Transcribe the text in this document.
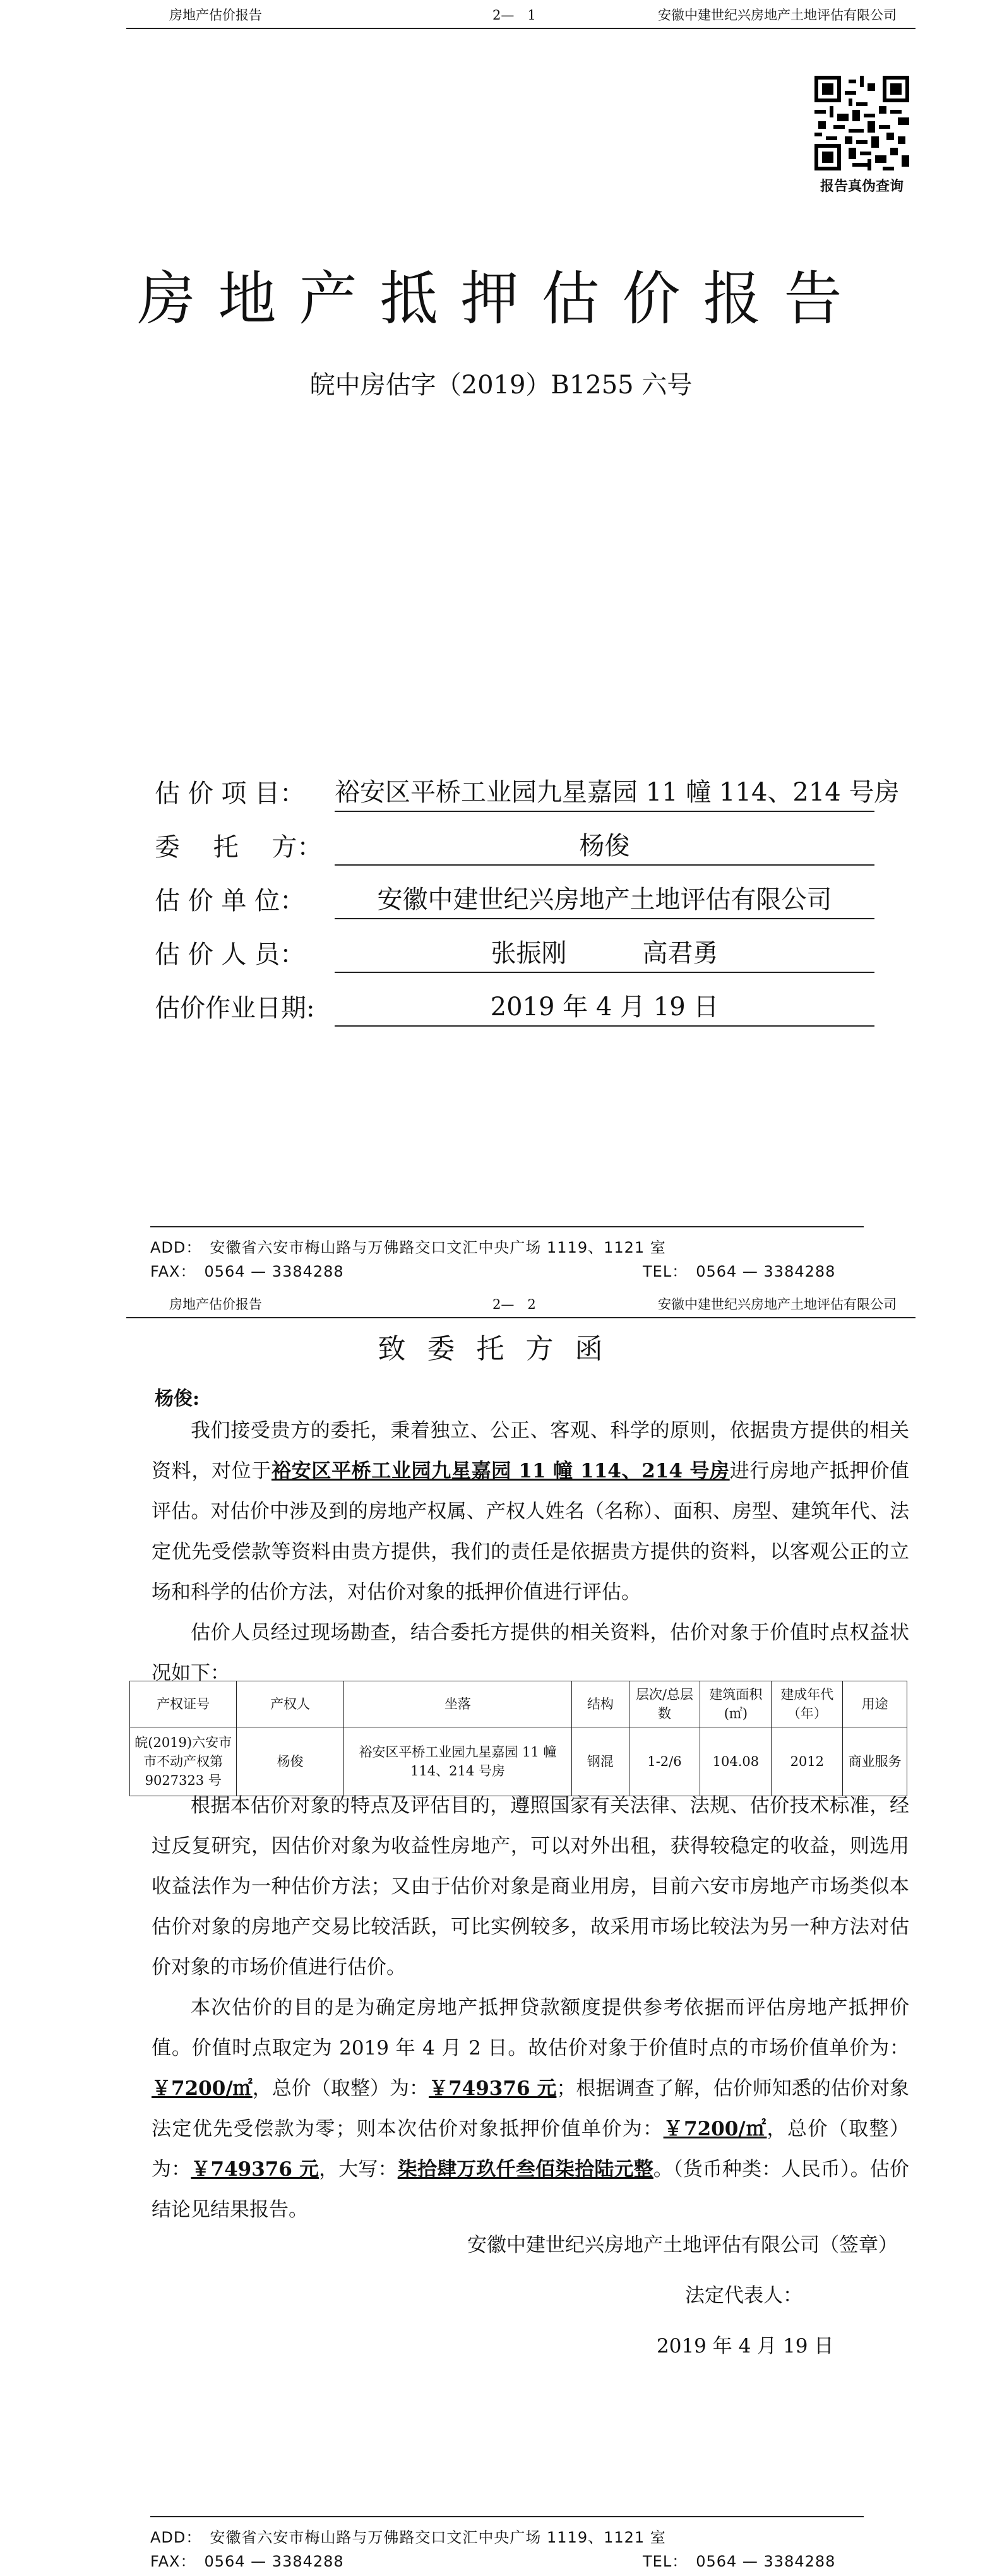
房地产估价报告	2—　1	安徽中建世纪兴房地产土地评估有限公司
报告真伪查询
房地产抵押估价报告
皖中房估字（2019）B1255 六号
估 价 项 目： 裕安区平桥工业园九星嘉园 11 幢 114、214 号房
委　 托　 方：	杨俊
估 价 单 位：	安徽中建世纪兴房地产土地评估有限公司
估 价 人 员：	张振刚　　　高君勇
估价作业日期:	2019 年 4 月 19 日
ADD：　安徽省六安市梅山路与万佛路交口文汇中央广场 1119、1121 室
FAX：　0564 — 3384288	TEL：　0564 — 3384288
房地产估价报告	2—　2	安徽中建世纪兴房地产土地评估有限公司
致委托方函
杨俊:

我们接受贵方的委托，秉着独立、公正、客观、科学的原则，依据贵方提供的相关资料，对位于裕安区平桥工业园九星嘉园 11 幢 114、214 号房进行房地产抵押价值评估。对估价中涉及到的房地产权属、产权人姓名（名称）、面积、房型、建筑年代、法定优先受偿款等资料由贵方提供，我们的责任是依据贵方提供的资料，以客观公正的立场和科学的估价方法，对估价对象的抵押价值进行评估。

估价人员经过现场勘查，结合委托方提供的相关资料，估价对象于价值时点权益状况如下：

产权证号	产权人	坐落	结构	层次/总层数	建筑面积(㎡)	建成年代（年）	用途
皖(2019)六安市市不动产权第 9027323 号	杨俊	裕安区平桥工业园九星嘉园 11 幢 114、214 号房	钢混	1-2/6	104.08	2012	商业服务

根据本估价对象的特点及评估目的，遵照国家有关法律、法规、估价技术标准，经过反复研究，因估价对象为收益性房地产，可以对外出租，获得较稳定的收益，则选用收益法作为一种估价方法；又由于估价对象是商业用房，目前六安市房地产市场类似本估价对象的房地产交易比较活跃，可比实例较多，故采用市场比较法为另一种方法对估价对象的市场价值进行估价。

本次估价的目的是为确定房地产抵押贷款额度提供参考依据而评估房地产抵押价值。价值时点取定为 2019 年 4 月 2 日。故估价对象于价值时点的市场价值单价为：￥7200/㎡，总价（取整）为：￥749376 元；根据调查了解，估价师知悉的估价对象法定优先受偿款为零；则本次估价对象抵押价值单价为：￥7200/㎡，总价（取整）为：￥749376 元，大写：柒拾肆万玖仟叁佰柒拾陆元整。（货币种类：人民币）。估价结论见结果报告。

安徽中建世纪兴房地产土地评估有限公司（签章）
法定代表人：
2019 年 4 月 19 日
ADD：　安徽省六安市梅山路与万佛路交口文汇中央广场 1119、1121 室
FAX：　0564 — 3384288	TEL：　0564 — 3384288
